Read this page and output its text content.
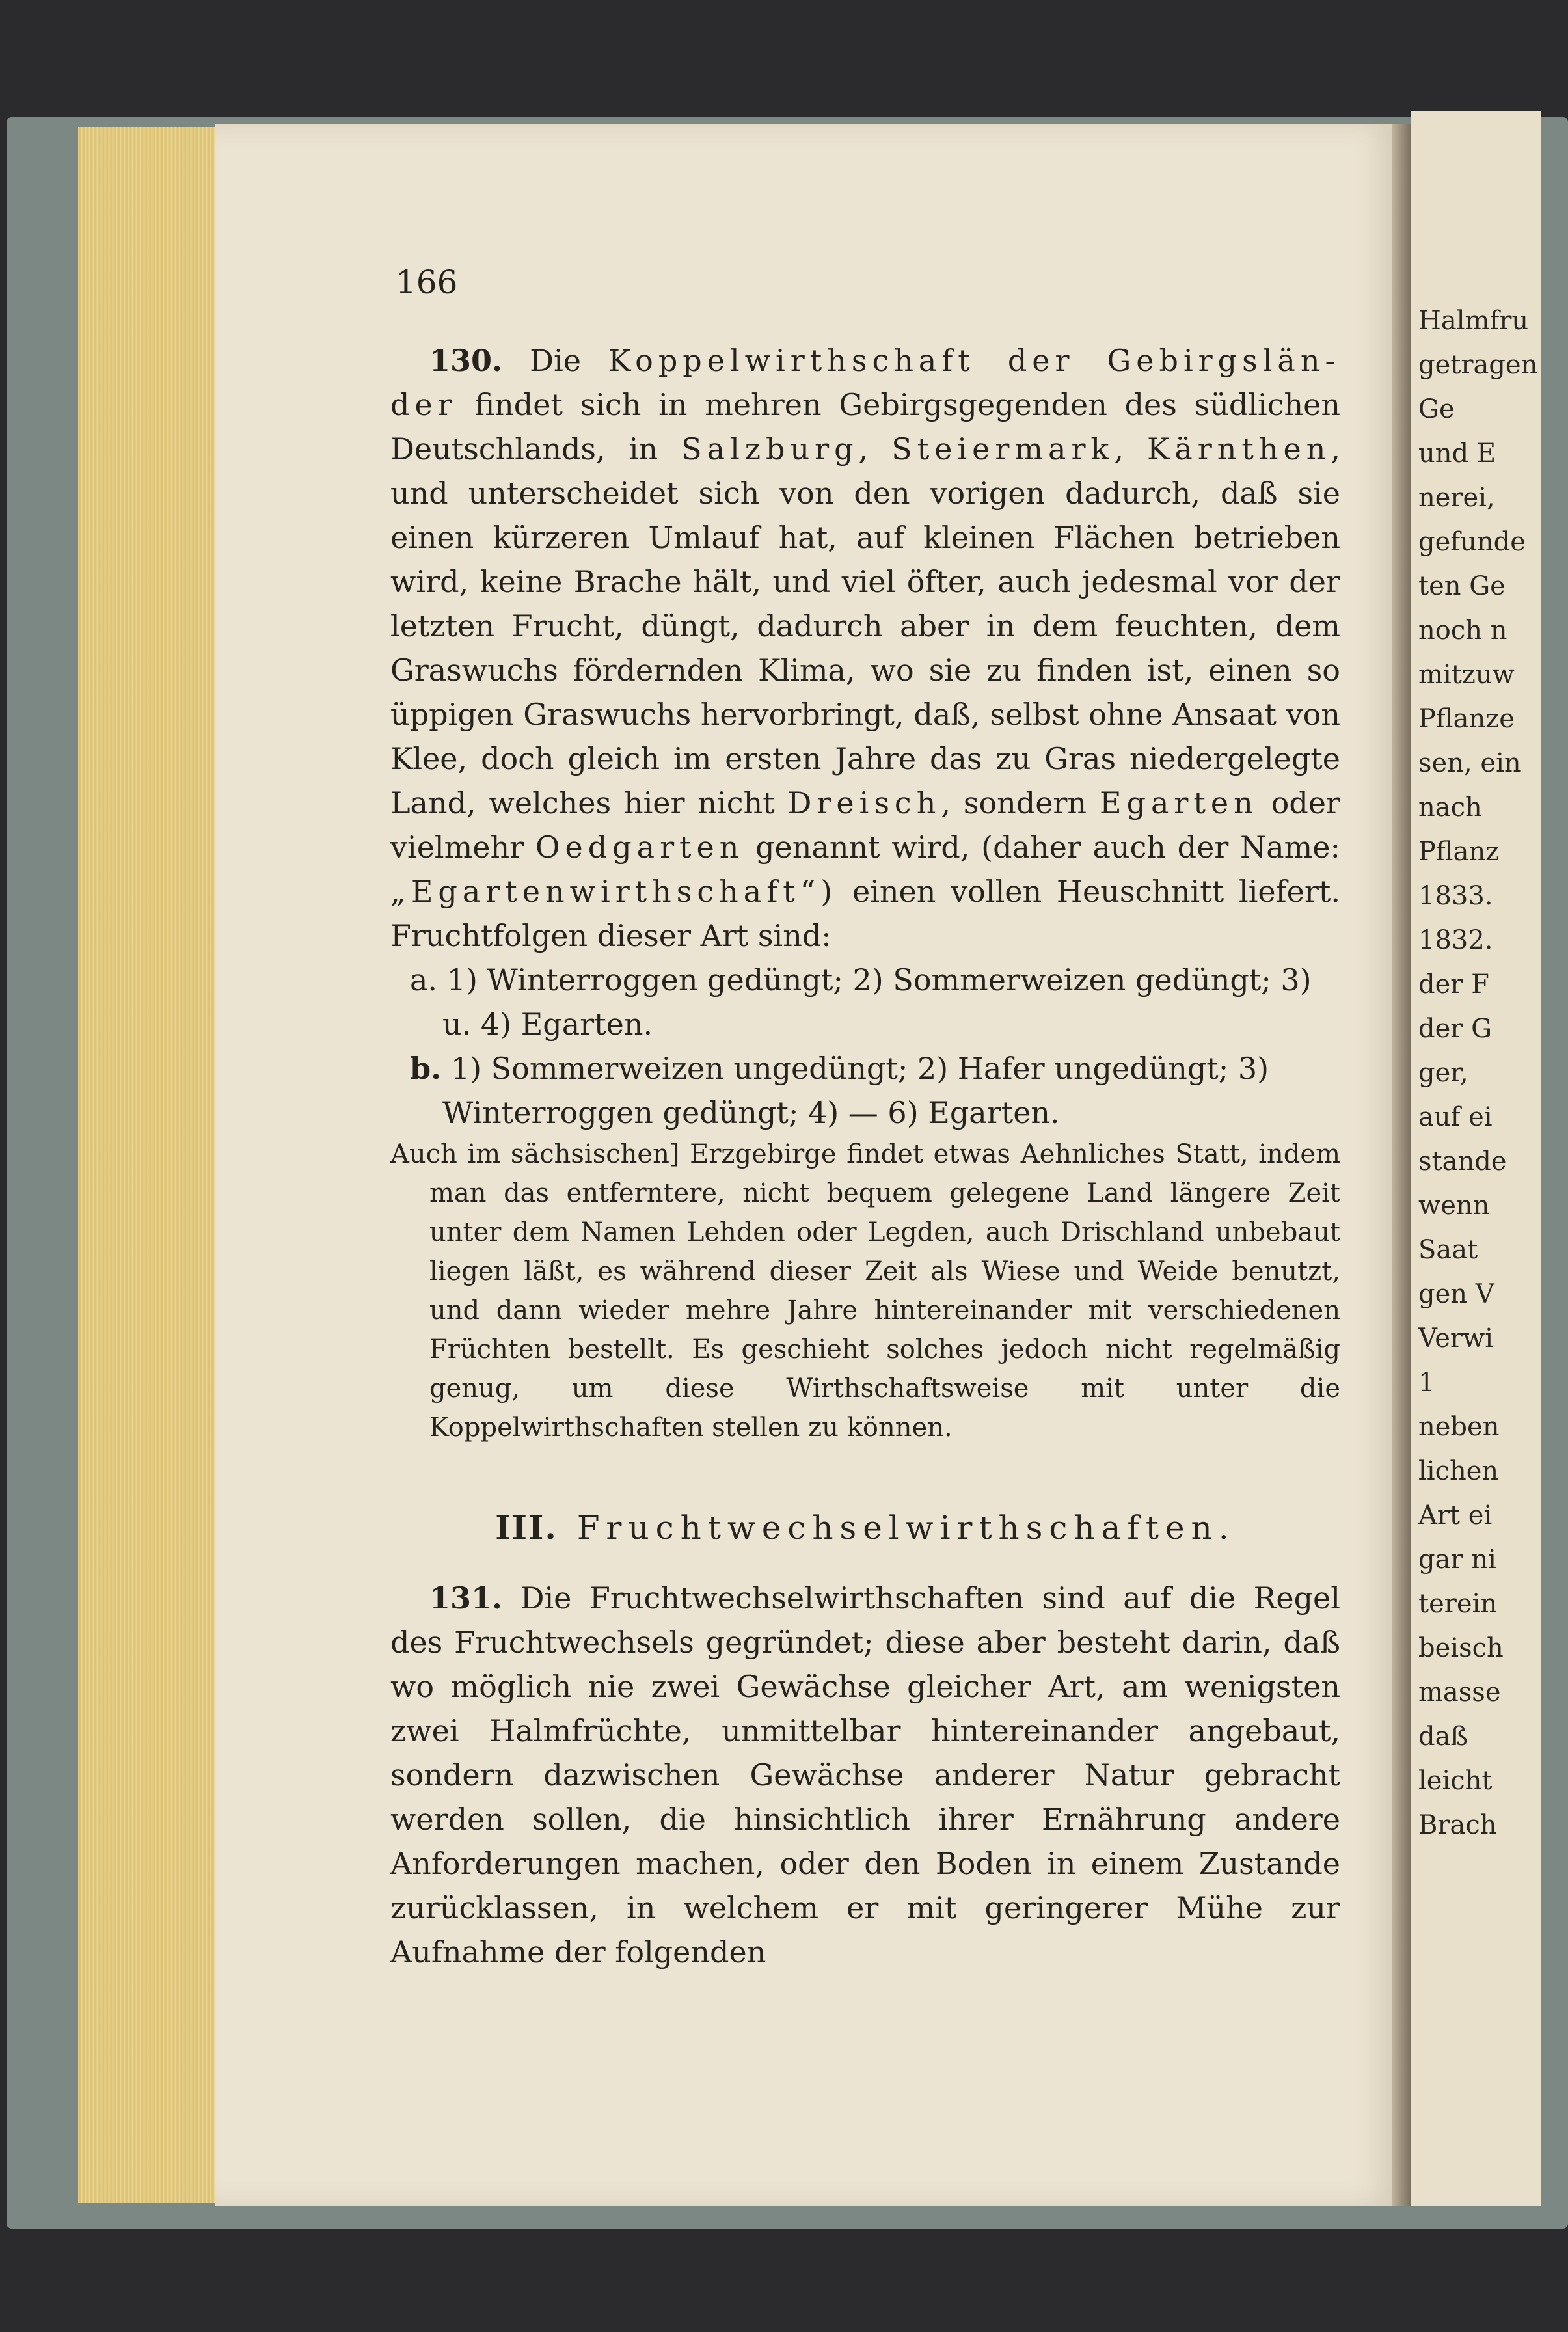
Halmfru
getragen
Ge
und E
nerei,
gefunde
ten Ge
noch n
mitzuw
Pflanze
sen, ein
nach
Pflanz
1833.
1832.
der F
der G
ger,
auf ei
stande
wenn
Saat
gen V
Verwi
1
neben
lichen
Art ei
gar ni
terein
beisch
masse
daß
leicht
Brach
166

130. Die Koppelwirthschaft der Gebirgslän- der findet sich in mehren Gebirgsgegenden des südlichen Deutschlands, in Salzburg, Steiermark, Kärnthen, und unterscheidet sich von den vorigen dadurch, daß sie einen kürzeren Umlauf hat, auf kleinen Flächen betrieben wird, keine Brache hält, und viel öfter, auch jedesmal vor der letzten Frucht, düngt, dadurch aber in dem feuchten, dem Graswuchs fördernden Klima, wo sie zu finden ist, einen so üppigen Graswuchs hervorbringt, daß, selbst ohne Ansaat von Klee, doch gleich im ersten Jahre das zu Gras niedergelegte Land, welches hier nicht Dreisch, sondern Egarten oder vielmehr Oedgarten genannt wird, (daher auch der Name: „Egartenwirthschaft“) einen vollen Heuschnitt liefert. Fruchtfolgen dieser Art sind:

a. 1) Winterroggen gedüngt; 2) Sommerweizen gedüngt; 3) u. 4) Egarten.

b. 1) Sommerweizen ungedüngt; 2) Hafer ungedüngt; 3) Winterroggen gedüngt; 4) — 6) Egarten.

Auch im sächsischen] Erzgebirge findet etwas Aehnliches Statt, indem man das entferntere, nicht bequem gelegene Land längere Zeit unter dem Namen Lehden oder Legden, auch Drischland unbebaut liegen läßt, es während dieser Zeit als Wiese und Weide benutzt, und dann wieder mehre Jahre hintereinander mit verschiedenen Früchten bestellt. Es geschieht solches jedoch nicht regelmäßig genug, um diese Wirthschaftsweise mit unter die Koppelwirthschaften stellen zu können.

III. Fruchtwechselwirthschaften.

131. Die Fruchtwechselwirthschaften sind auf die Regel des Fruchtwechsels gegründet; diese aber besteht darin, daß wo möglich nie zwei Gewächse gleicher Art, am wenigsten zwei Halmfrüchte, unmittelbar hintereinander angebaut, sondern dazwischen Gewächse anderer Natur gebracht werden sollen, die hinsichtlich ihrer Ernährung andere Anforderungen machen, oder den Boden in einem Zustande zurücklassen, in welchem er mit geringerer Mühe zur Aufnahme der folgenden
